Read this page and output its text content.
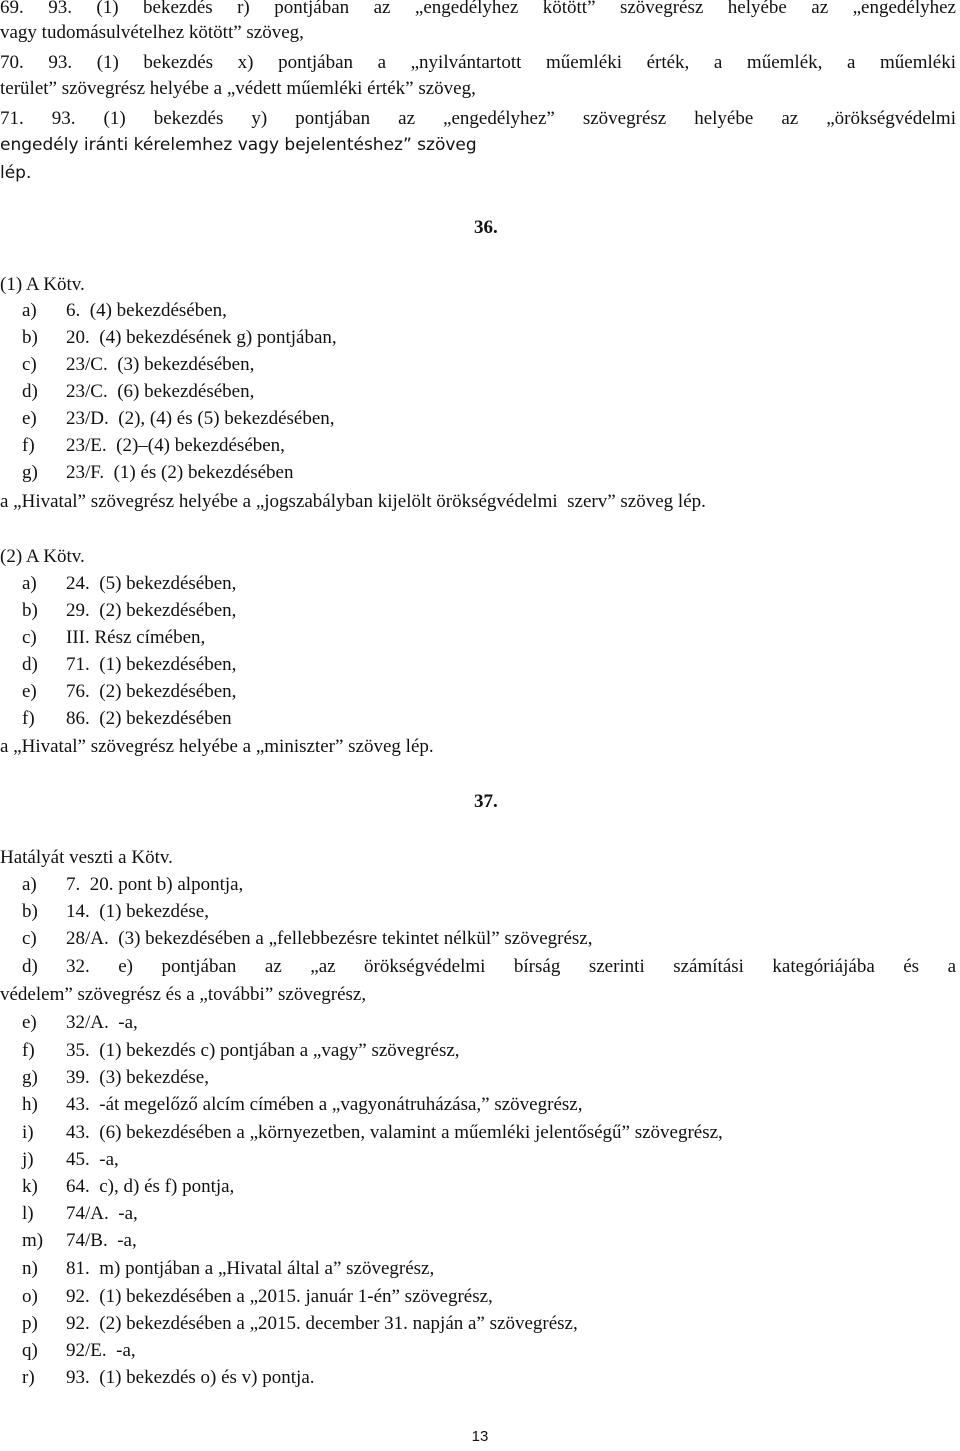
69. 93. (1) bekezdés r) pontjában az „engedélyhez kötött” szövegrész helyébe az „engedélyhez
vagy tudomásulvételhez kötött” szöveg,
70. 93. (1) bekezdés x) pontjában a „nyilvántartott műemléki érték, a műemlék, a műemléki
terület” szövegrész helyébe a „védett műemléki érték” szöveg,
71. 93. (1) bekezdés y) pontjában az „engedélyhez” szövegrész helyébe az „örökségvédelmi
engedély iránti kérelemhez vagy bejelentéshez” szöveg
lép.
36.
(1) A Kötv.
a) 6.  (4) bekezdésében,
b) 20.  (4) bekezdésének g) pontjában,
c) 23/C.  (3) bekezdésében,
d) 23/C.  (6) bekezdésében,
e) 23/D.  (2), (4) és (5) bekezdésében,
f) 23/E.  (2)–(4) bekezdésében,
g) 23/F.  (1) és (2) bekezdésében
a „Hivatal” szövegrész helyébe a „jogszabályban kijelölt örökségvédelmi  szerv” szöveg lép.
(2) A Kötv.
a) 24.  (5) bekezdésében,
b) 29.  (2) bekezdésében,
c) III. Rész címében,
d) 71.  (1) bekezdésében,
e) 76.  (2) bekezdésében,
f) 86.  (2) bekezdésében
a „Hivatal” szövegrész helyébe a „miniszter” szöveg lép.
37.
Hatályát veszti a Kötv.
a) 7.  20. pont b) alpontja,
b) 14.  (1) bekezdése,
c) 28/A.  (3) bekezdésében a „fellebbezésre tekintet nélkül” szövegrész,
d) 32. e) pontjában az „az örökségvédelmi bírság szerinti számítási kategóriájába és a
védelem” szövegrész és a „további” szövegrész,
e) 32/A.  -a,
f) 35.  (1) bekezdés c) pontjában a „vagy” szövegrész,
g) 39.  (3) bekezdése,
h) 43.  -át megelőző alcím címében a „vagyonátruházása,” szövegrész,
i) 43.  (6) bekezdésében a „környezetben, valamint a műemléki jelentőségű” szövegrész,
j) 45.  -a,
k) 64.  c), d) és f) pontja,
l) 74/A.  -a,
m) 74/B.  -a,
n) 81.  m) pontjában a „Hivatal által a” szövegrész,
o) 92.  (1) bekezdésében a „2015. január 1-én” szövegrész,
p) 92.  (2) bekezdésében a „2015. december 31. napján a” szövegrész,
q) 92/E.  -a,
r) 93.  (1) bekezdés o) és v) pontja.
13
